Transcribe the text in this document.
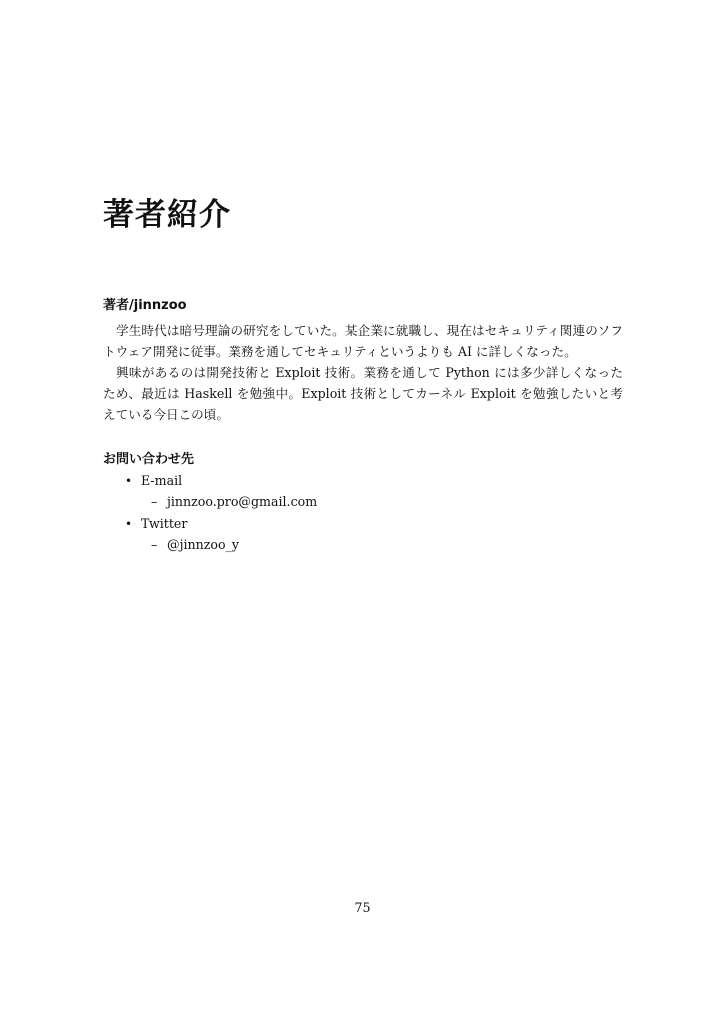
著者紹介
著者/jinnzoo

学生時代は暗号理論の研究をしていた。某企業に就職し、現在はセキュリティ関連のソフトウェア開発に従事。業務を通してセキュリティというよりも AI に詳しくなった。

興味があるのは開発技術と Exploit 技術。業務を通して Python には多少詳しくなったため、最近は Haskell を勉強中。Exploit 技術としてカーネル Exploit を勉強したいと考えている今日この頃。

お問い合わせ先
• E-mail
– jinnzoo.pro@gmail.com
• Twitter
– @jinnzoo_y
75
